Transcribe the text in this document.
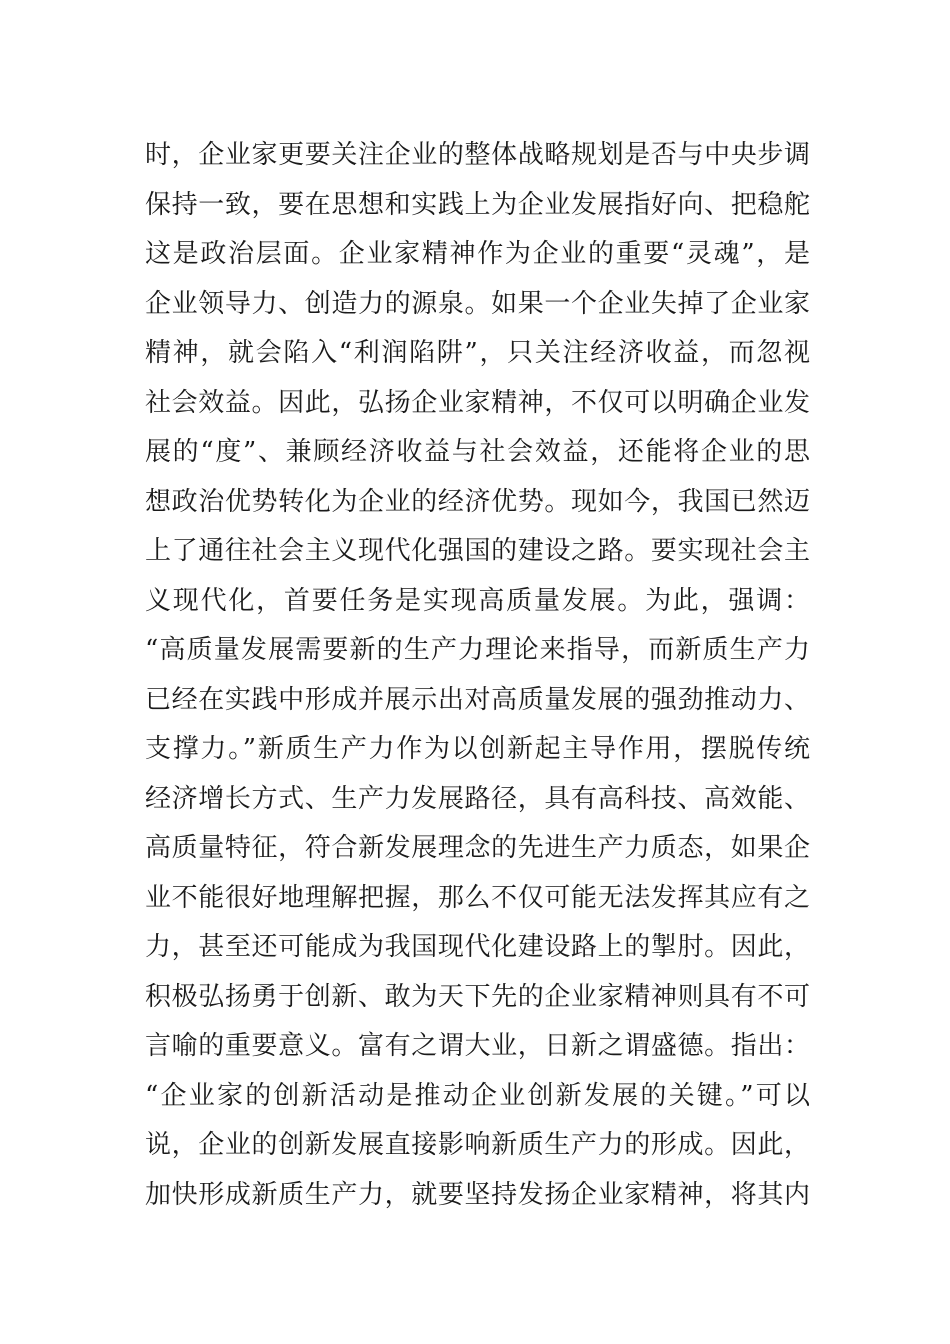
时，企业家更要关注企业的整体战略规划是否与中央步调
保持一致，要在思想和实践上为企业发展指好向、把稳舵
这是政治层面。企业家精神作为企业的重要“灵魂”，是
企业领导力、创造力的源泉。如果一个企业失掉了企业家
精神，就会陷入“利润陷阱”，只关注经济收益，而忽视
社会效益。因此，弘扬企业家精神，不仅可以明确企业发
展的“度”、兼顾经济收益与社会效益，还能将企业的思
想政治优势转化为企业的经济优势。现如今，我国已然迈
上了通往社会主义现代化强国的建设之路。要实现社会主
义现代化，首要任务是实现高质量发展。为此，强调：
“高质量发展需要新的生产力理论来指导，而新质生产力
已经在实践中形成并展示出对高质量发展的强劲推动力、
支撑力。”新质生产力作为以创新起主导作用，摆脱传统
经济增长方式、生产力发展路径，具有高科技、高效能、
高质量特征，符合新发展理念的先进生产力质态，如果企
业不能很好地理解把握，那么不仅可能无法发挥其应有之
力，甚至还可能成为我国现代化建设路上的掣肘。因此，
积极弘扬勇于创新、敢为天下先的企业家精神则具有不可
言喻的重要意义。富有之谓大业，日新之谓盛德。指出：
“企业家的创新活动是推动企业创新发展的关键。”可以
说，企业的创新发展直接影响新质生产力的形成。因此，
加快形成新质生产力，就要坚持发扬企业家精神，将其内
